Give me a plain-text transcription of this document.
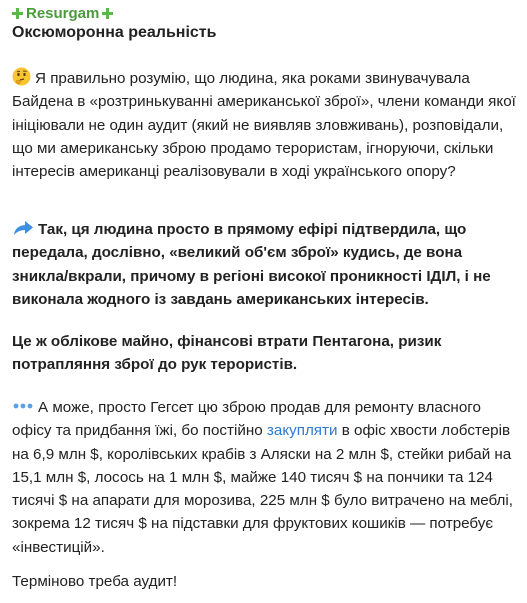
Resurgam
Оксюморонна реальність

Я правильно розумію, що людина, яка роками звинувачувала Байдена в «розтринькуванні американської зброї», члени команди якої ініціювали не один аудит (який не виявляв зловживань), розповідали, що ми американську зброю продамо терористам, ігноруючи, скільки інтересів американці реалізовували в ході українського опору?

Так, ця людина просто в прямому ефірі підтвердила, що передала, дослівно, «великий об'єм зброї» кудись, де вона зникла/вкрали, причому в регіоні високої проникності ІДІЛ, і не виконала жодного із завдань американських інтересів.

Це ж облікове майно, фінансові втрати Пентагона, ризик потрапляння зброї до рук терористів.

А може, просто Гегсет цю зброю продав для ремонту власного офісу та придбання їжі, бо постійно закупляти в офіс хвости лобстерів на 6,9 млн $, королівських крабів з Аляски на 2 млн $, стейки рибай на 15,1 млн $, лосось на 1 млн $, майже 140 тисяч $ на пончики та 124 тисячі $ на апарати для морозива, 225 млн $ було витрачено на меблі, зокрема 12 тисяч $ на підставки для фруктових кошиків — потребує «інвестицій».

Терміново треба аудит!
